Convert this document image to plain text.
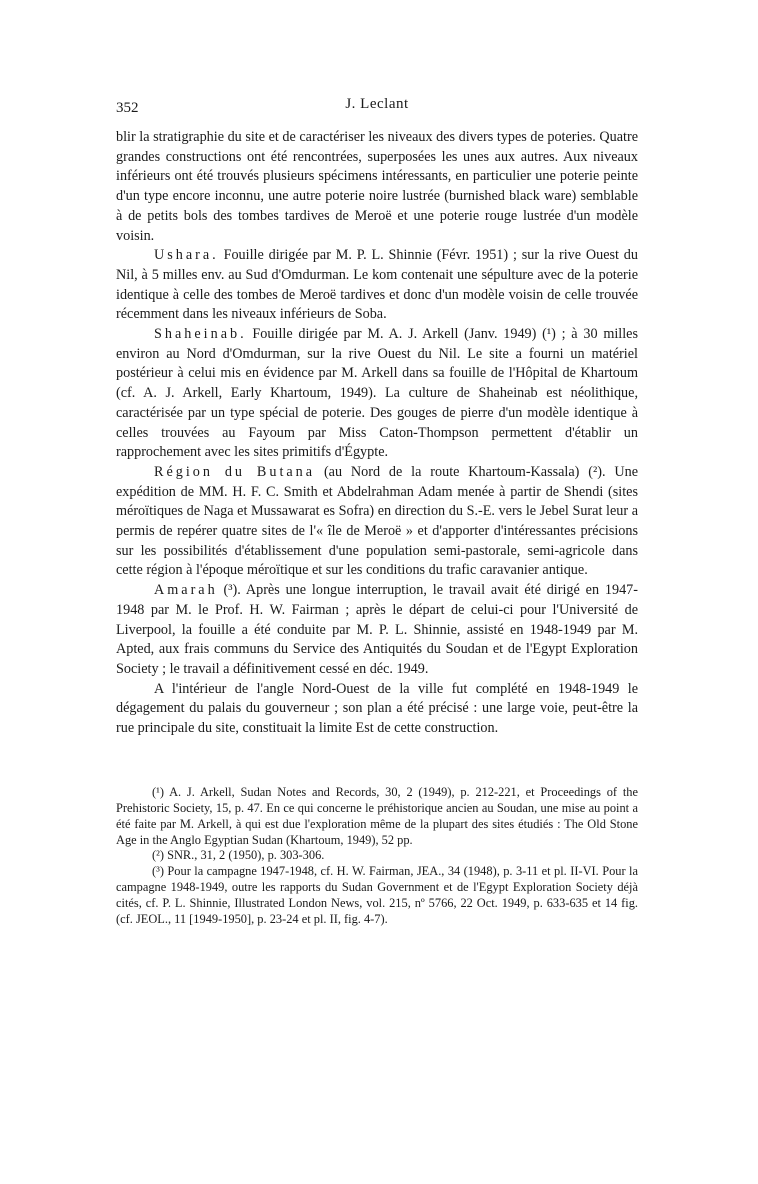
352	J. Leclant

blir la stratigraphie du site et de caractériser les niveaux des divers types de poteries. Quatre grandes constructions ont été rencontrées, superposées les unes aux autres. Aux niveaux inférieurs ont été trouvés plusieurs spécimens intéressants, en particulier une poterie peinte d'un type encore inconnu, une autre poterie noire lustrée (burnished black ware) semblable à de petits bols des tombes tardives de Meroë et une poterie rouge lustrée d'un modèle voisin.

Ushara. Fouille dirigée par M. P. L. Shinnie (Févr. 1951) ; sur la rive Ouest du Nil, à 5 milles env. au Sud d'Omdurman. Le kom contenait une sépulture avec de la poterie identique à celle des tombes de Meroë tardives et donc d'un modèle voisin de celle trouvée récemment dans les niveaux inférieurs de Soba.

Shaheinab. Fouille dirigée par M. A. J. Arkell (Janv. 1949) (¹) ; à 30 milles environ au Nord d'Omdurman, sur la rive Ouest du Nil. Le site a fourni un matériel postérieur à celui mis en évidence par M. Arkell dans sa fouille de l'Hôpital de Khartoum (cf. A. J. Arkell, Early Khartoum, 1949). La culture de Shaheinab est néolithique, caractérisée par un type spécial de poterie. Des gouges de pierre d'un modèle identique à celles trouvées au Fayoum par Miss Caton-Thompson permettent d'établir un rapprochement avec les sites primitifs d'Égypte.

Région du Butana (au Nord de la route Khartoum-Kassala) (²). Une expédition de MM. H. F. C. Smith et Abdelrahman Adam menée à partir de Shendi (sites méroïtiques de Naga et Mussawarat es Sofra) en direction du S.-E. vers le Jebel Surat leur a permis de repérer quatre sites de l'« île de Meroë » et d'apporter d'intéressantes précisions sur les possibilités d'établissement d'une population semi-pastorale, semi-agricole dans cette région à l'époque méroïtique et sur les conditions du trafic caravanier antique.

Amarah (³). Après une longue interruption, le travail avait été dirigé en 1947-1948 par M. le Prof. H. W. Fairman ; après le départ de celui-ci pour l'Université de Liverpool, la fouille a été conduite par M. P. L. Shinnie, assisté en 1948-1949 par M. Apted, aux frais communs du Service des Antiquités du Soudan et de l'Egypt Exploration Society ; le travail a définitivement cessé en déc. 1949.

A l'intérieur de l'angle Nord-Ouest de la ville fut complété en 1948-1949 le dégagement du palais du gouverneur ; son plan a été précisé : une large voie, peut-être la rue principale du site, constituait la limite Est de cette construction.

(¹) A. J. Arkell, Sudan Notes and Records, 30, 2 (1949), p. 212-221, et Proceedings of the Prehistoric Society, 15, p. 47. En ce qui concerne le préhistorique ancien au Soudan, une mise au point a été faite par M. Arkell, à qui est due l'exploration même de la plupart des sites étudiés : The Old Stone Age in the Anglo Egyptian Sudan (Khartoum, 1949), 52 pp.

(²) SNR., 31, 2 (1950), p. 303-306.

(³) Pour la campagne 1947-1948, cf. H. W. Fairman, JEA., 34 (1948), p. 3-11 et pl. II-VI. Pour la campagne 1948-1949, outre les rapports du Sudan Government et de l'Egypt Exploration Society déjà cités, cf. P. L. Shinnie, Illustrated London News, vol. 215, nº 5766, 22 Oct. 1949, p. 633-635 et 14 fig. (cf. JEOL., 11 [1949-1950], p. 23-24 et pl. II, fig. 4-7).
